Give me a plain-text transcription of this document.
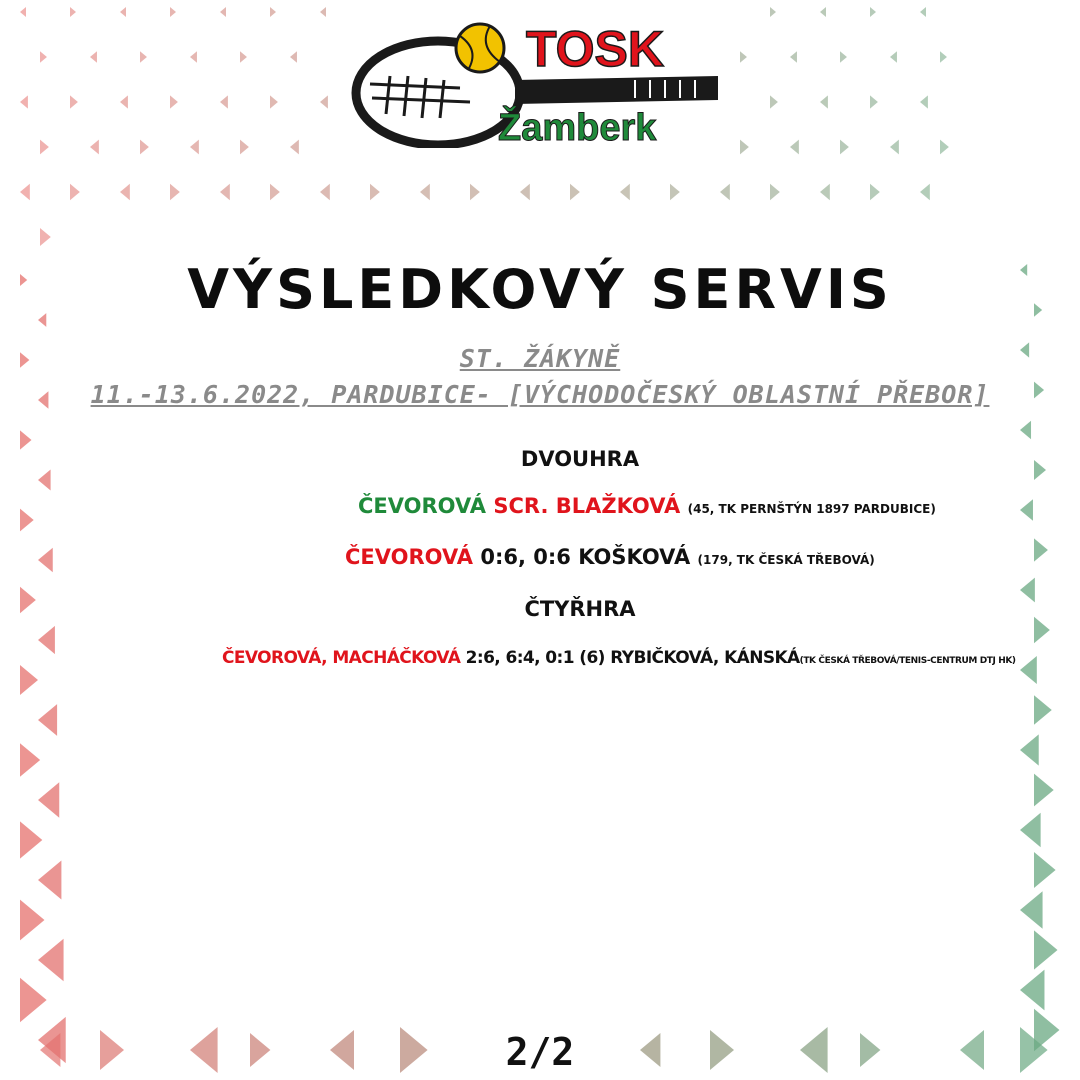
TOSK
Žamberk
VÝSLEDKOVÝ SERVIS
ST. ŽÁKYNĚ
11.-13.6.2022, PARDUBICE- [VÝCHODOČESKÝ OBLASTNÍ PŘEBOR]
DVOUHRA
ČEVOROVÁ SCR. BLAŽKOVÁ (45, TK PERNŠTÝN 1897 PARDUBICE)
ČEVOROVÁ 0:6, 0:6 KOŠKOVÁ (179, TK ČESKÁ TŘEBOVÁ)
ČTYŘHRA
ČEVOROVÁ, MACHÁČKOVÁ 2:6, 6:4, 0:1 (6) RYBIČKOVÁ, KÁNSKÁ(TK ČESKÁ TŘEBOVÁ/TENIS-CENTRUM DTJ HK)
2/2
